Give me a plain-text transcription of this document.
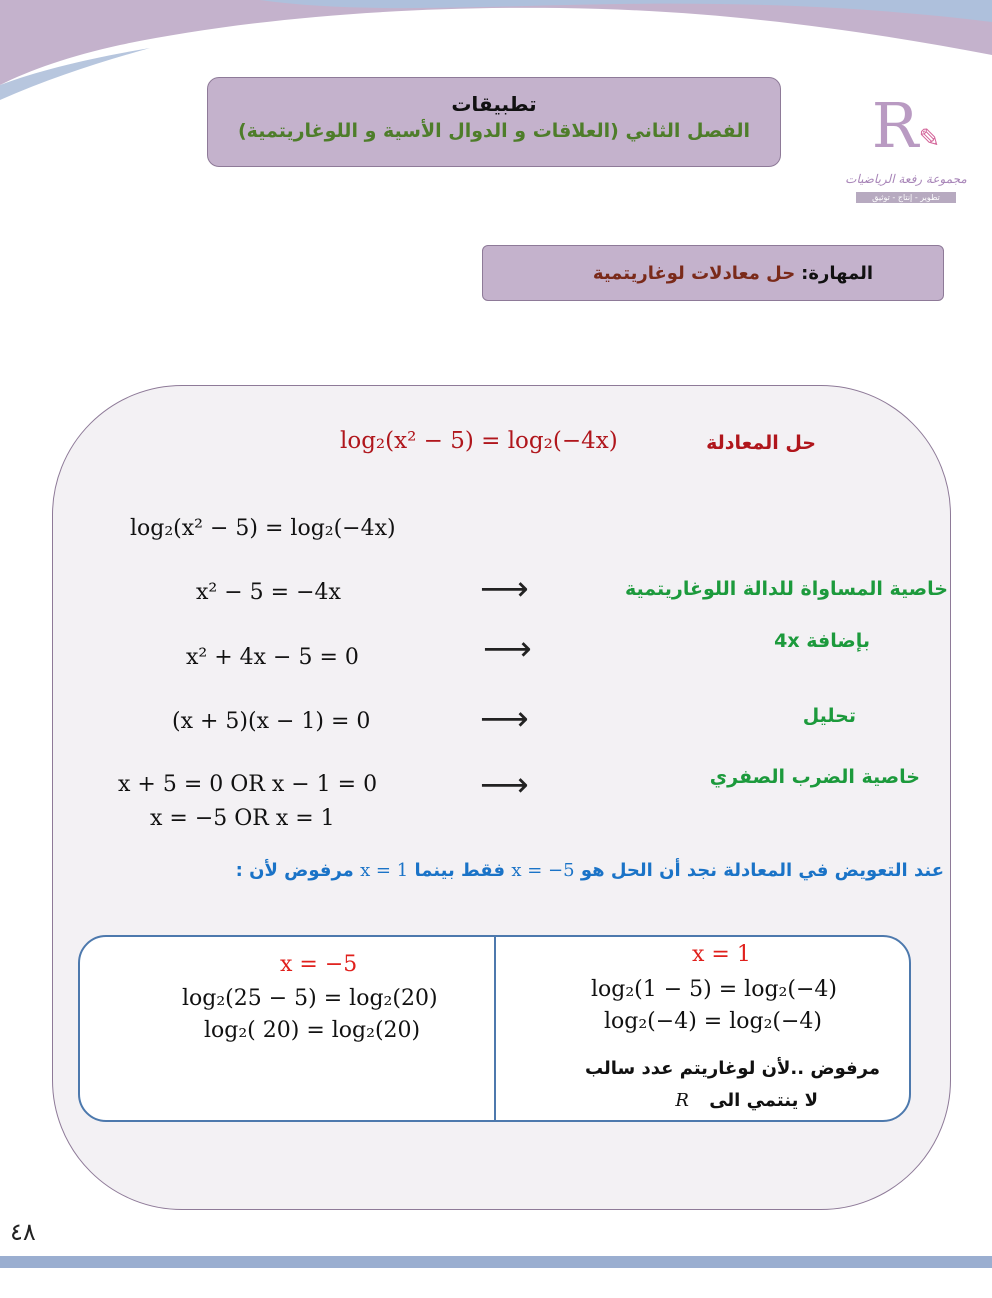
R✎
مجموعة رفعة الرياضيات
تطوير - إنتاج - توثيق
تطبيقات
الفصل الثاني (العلاقات و الدوال الأسية و اللوغاريتمية)
المهارة:
حل معادلات لوغاريتمية
حل المعادلة
log₂(x² − 5) = log₂(−4x)
log₂(x² − 5) = log₂(−4x)
x² − 5 = −4x	⟶	خاصية المساواة للدالة اللوغاريتمية
x² + 4x − 5 = 0	⟶	بإضافة 4x
(x + 5)(x − 1) = 0	⟶	تحليل
x + 5 = 0 OR x − 1 = 0	⟶	خاصية الضرب الصفري
x = −5 OR x = 1
عند التعويض في المعادلة نجد أن الحل هو x = −5 فقط بينما x = 1 مرفوض لأن :
x = −5
log₂(25 − 5) = log₂(20)
log₂( 20) = log₂(20)
x = 1
log₂(1 − 5) = log₂(−4)
log₂(−4) = log₂(−4)
مرفوض ..لأن لوغاريتم عدد سالب
لا ينتمي الى R
٤٨
